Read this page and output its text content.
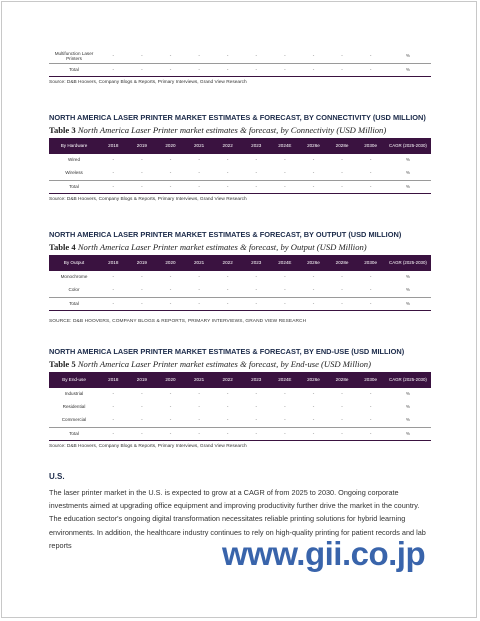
Multifunction Laser Printers	-	-	-	-	-	-	-	-	-	-	%
Total	-	-	-	-	-	-	-	-	-	-	%
Source: D&B Hoovers, Company Blogs & Reports, Primary Interviews, Grand View Research
NORTH AMERICA LASER PRINTER MARKET ESTIMATES & FORECAST, BY CONNECTIVITY (USD MILLION)
Table 3 North America Laser Printer market estimates & forecast, by Connectivity (USD Million)
By Hardware	2018	2019	2020	2021	2022	2023	2024E	2026e	2028e	2030e	CAGR (2025-2030)
Wired	-	-	-	-	-	-	-	-	-	-	%
Wireless	-	-	-	-	-	-	-	-	-	-	%
Total	-	-	-	-	-	-	-	-	-	-	%
Source: D&B Hoovers, Company Blogs & Reports, Primary Interviews, Grand View Research
NORTH AMERICA LASER PRINTER MARKET ESTIMATES & FORECAST, BY OUTPUT (USD MILLION)
Table 4 North America Laser Printer market estimates & forecast, by Output (USD Million)
By Output	2018	2019	2020	2021	2022	2023	2024E	2026e	2028e	2030e	CAGR (2025-2030)
Monochrome	-	-	-	-	-	-	-	-	-	-	%
Color	-	-	-	-	-	-	-	-	-	-	%
Total	-	-	-	-	-	-	-	-	-	-	%
SOURCE: D&B HOOVERS, COMPANY BLOGS & REPORTS, PRIMARY INTERVIEWS, GRAND VIEW RESEARCH
NORTH AMERICA LASER PRINTER MARKET ESTIMATES & FORECAST, BY END-USE (USD MILLION)
Table 5 North America Laser Printer market estimates & forecast, by End-use (USD Million)
By End-use	2018	2019	2020	2021	2022	2023	2024E	2026e	2028e	2030e	CAGR (2025-2030)
Industrial	-	-	-	-	-	-	-	-	-	-	%
Residential	-	-	-	-	-	-	-	-	-	-	%
Commercial	-	-	-	-	-	-	-	-	-	-	%
Total	-	-	-	-	-	-	-	-	-	-	%
Source: D&B Hoovers, Company Blogs & Reports, Primary Interviews, Grand View Research
U.S.
The laser printer market in the U.S. is expected to grow at a CAGR of from 2025 to 2030. Ongoing corporate investments aimed at upgrading office equipment and improving productivity further drive the market in the country. The education sector's ongoing digital transformation necessitates reliable printing solutions for hybrid learning environments. In addition, the healthcare industry continues to rely on high-quality printing for patient records and lab reports	www.gii.co.jp
